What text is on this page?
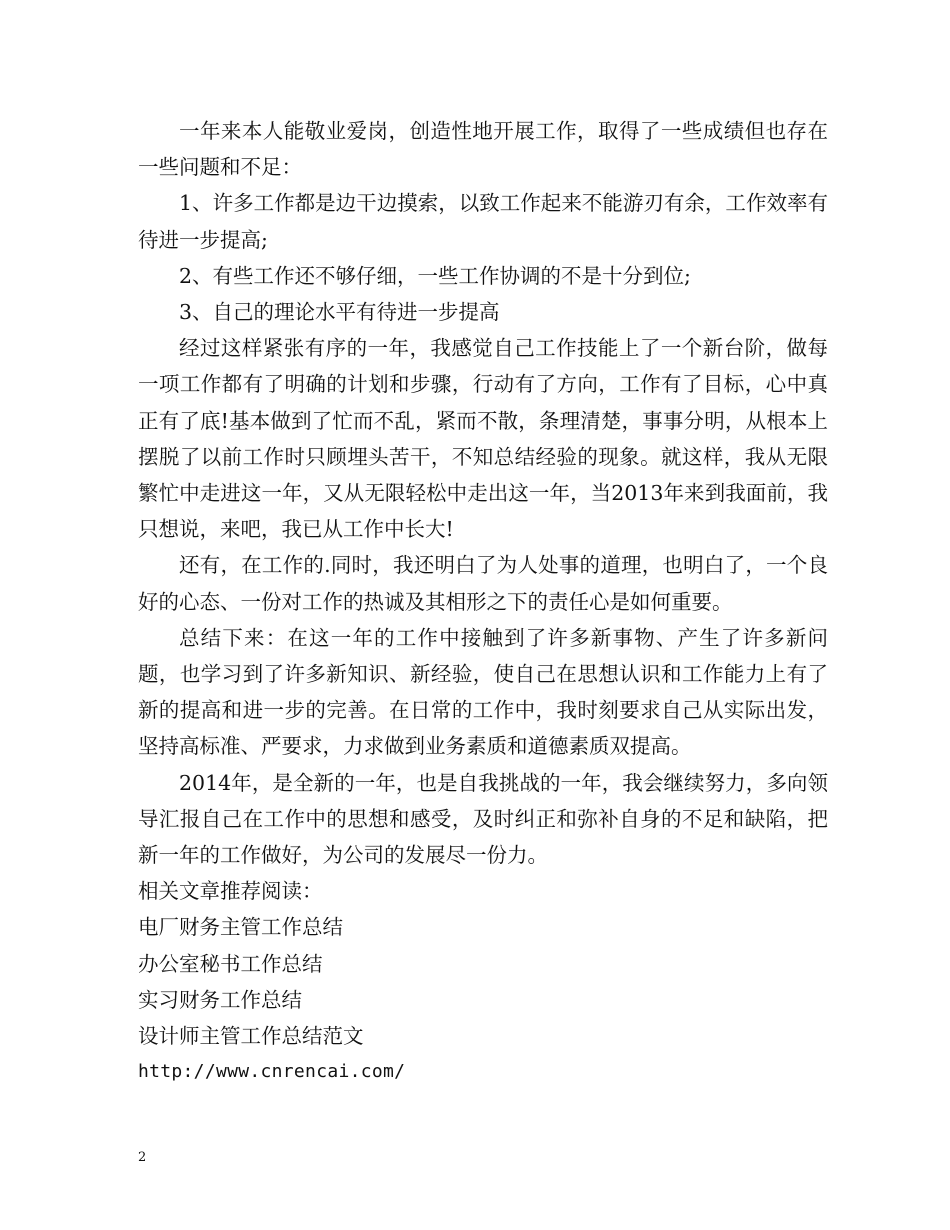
一年来本人能敬业爱岗，创造性地开展工作，取得了一些成绩但也存在一些问题和不足：

1、许多工作都是边干边摸索，以致工作起来不能游刃有余，工作效率有待进一步提高;

2、有些工作还不够仔细，一些工作协调的不是十分到位;

3、自己的理论水平有待进一步提高

经过这样紧张有序的一年，我感觉自己工作技能上了一个新台阶，做每一项工作都有了明确的计划和步骤，行动有了方向，工作有了目标，心中真正有了底!基本做到了忙而不乱，紧而不散，条理清楚，事事分明，从根本上摆脱了以前工作时只顾埋头苦干，不知总结经验的现象。就这样，我从无限繁忙中走进这一年，又从无限轻松中走出这一年，当2013年来到我面前，我只想说，来吧，我已从工作中长大!

还有，在工作的.同时，我还明白了为人处事的道理，也明白了，一个良好的心态、一份对工作的热诚及其相形之下的责任心是如何重要。

总结下来：在这一年的工作中接触到了许多新事物、产生了许多新问题，也学习到了许多新知识、新经验，使自己在思想认识和工作能力上有了新的提高和进一步的完善。在日常的工作中，我时刻要求自己从实际出发，坚持高标准、严要求，力求做到业务素质和道德素质双提高。

2014年，是全新的一年，也是自我挑战的一年，我会继续努力，多向领导汇报自己在工作中的思想和感受，及时纠正和弥补自身的不足和缺陷，把新一年的工作做好，为公司的发展尽一份力。

相关文章推荐阅读：

电厂财务主管工作总结

办公室秘书工作总结

实习财务工作总结

设计师主管工作总结范文

http://www.cnrencai.com/

2
